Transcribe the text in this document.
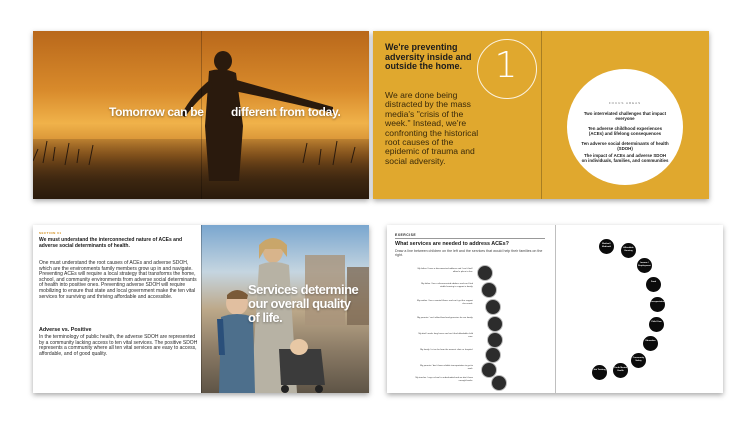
Tomorrow can be different from today.
We're preventing adversity inside and outside the home.
We are done being distracted by the mass media's "crisis of the week." Instead, we're confronting the historical root causes of the epidemic of trauma and social adversity.
1
FOCUS AREAS
Two interrelated challenges that impact everyone
Ten adverse childhood experiences (ACEs) and lifelong consequences
Ten adverse social determinants of health (SDOH)
The impact of ACEs and adverse SDOH on individuals, families, and communities
SECTION 01
We must understand the interconnected nature of ACEs and adverse social determinants of health.
One must understand the root causes of ACEs and adverse SDOH, which are the environments family members grow up in and navigate. Preventing ACEs will require a local strategy that transforms the home, school, and community environments from adverse social determinants of health into positive ones. Preventing adverse SDOH will require mobilizing to ensure that state and local government make the ten vital services for surviving and thriving affordable and accessible.
Adverse vs. Positive
In the terminology of public health, the adverse SDOH are represented by a community lacking access to ten vital services. The positive SDOH represents a community where all ten vital services are easy to access, affordable, and of good quality.
Services determine our overall quality of life.
EXERCISE
What services are needed to address ACEs?
Draw a line between children on the left and the services that would help their families on the right.
My father / have a disconnected address and I can't find / afford a place to live.
My father / has a disconnected address and can't find stable housing to support a family.
My mother / has a mental illness and can't get the support she needs.
My parents / can't afford food and groceries for our family.
My dad / works long hours and can't find affordable child care.
My family / is too far from the nearest clinic or hospital.
My parents / don't have reliable transportation to get to work.
My teacher / says school is underfunded and we don't have enough books.
Medical / Medicaid
Affordable Housing
Income / Employment
Food
Transportation
Child Care
Education
Community Safety
Youth Mental Health
Job Training
